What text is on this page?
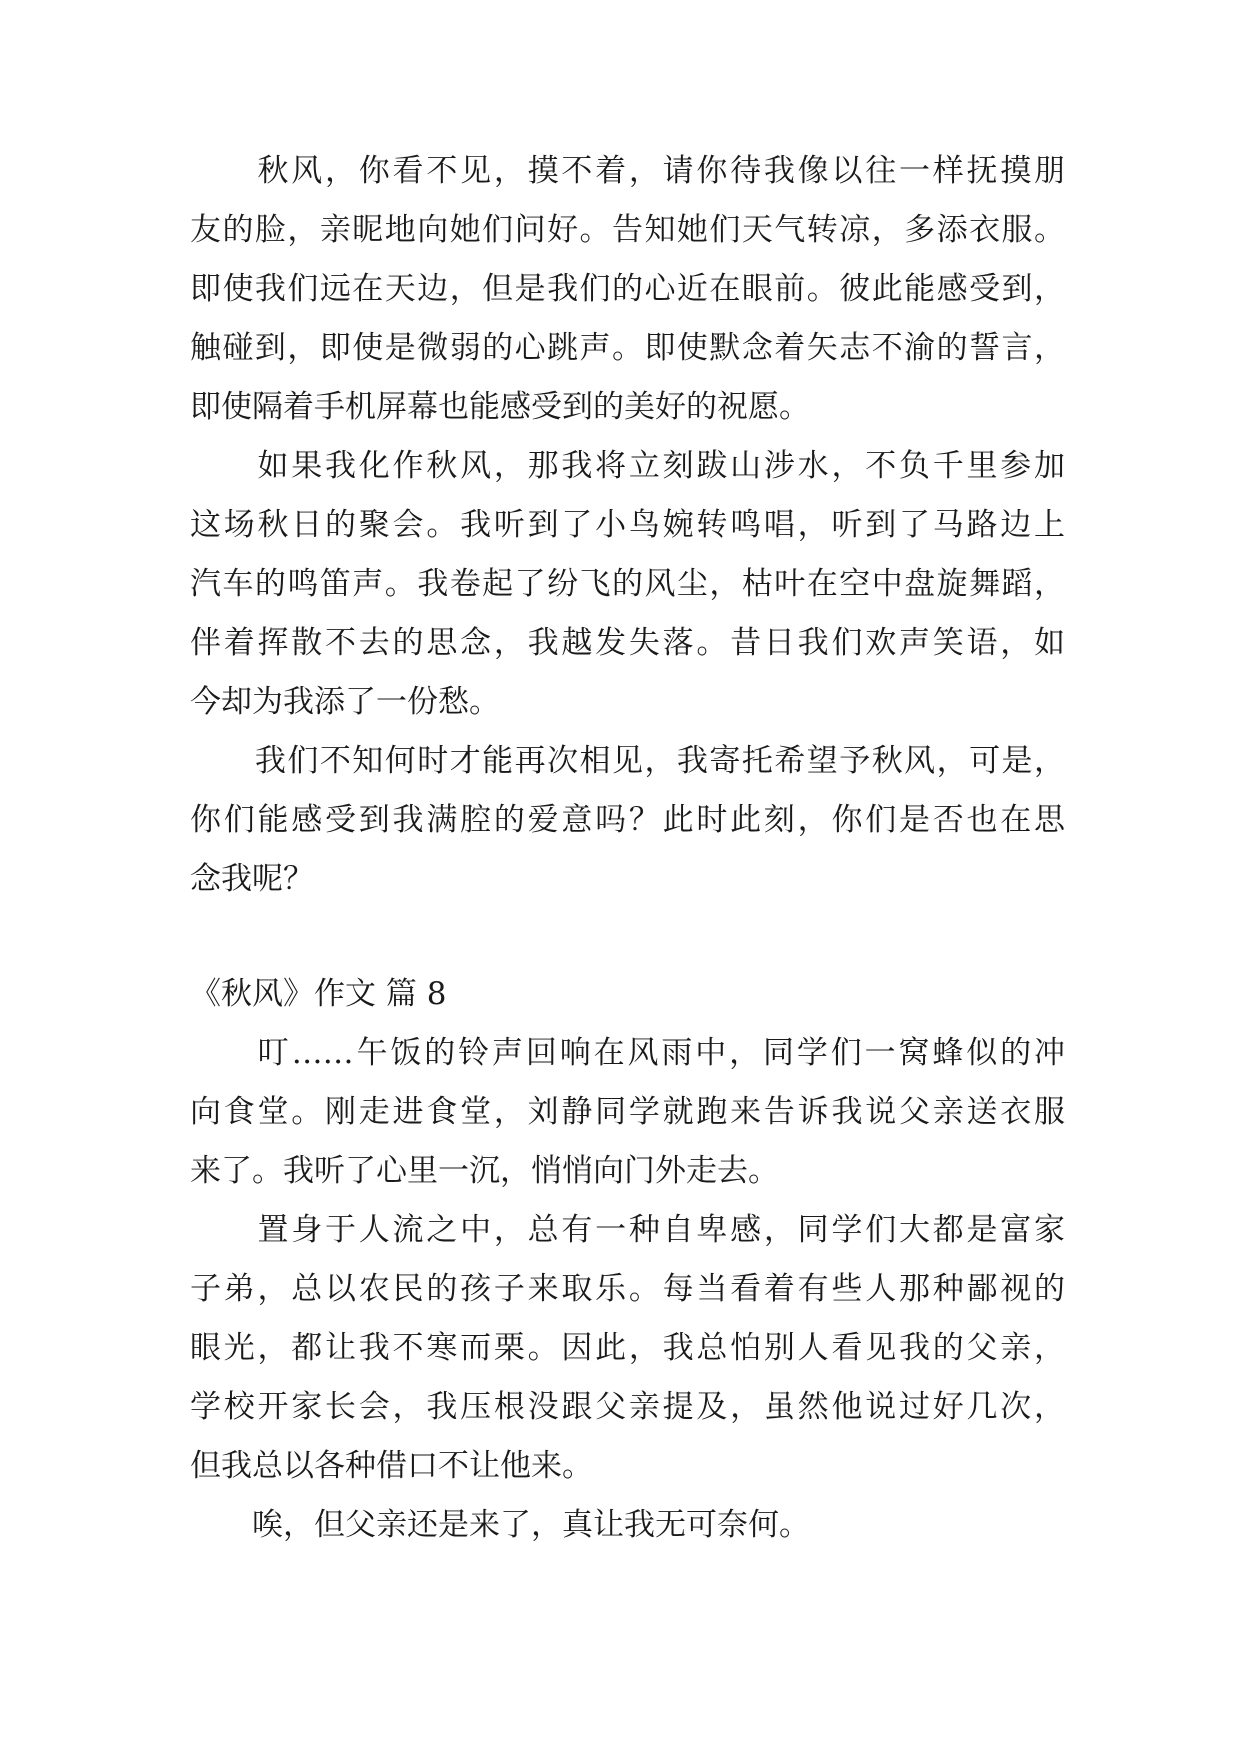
　　秋风，你看不见，摸不着，请你待我像以往一样抚摸朋
友的脸，亲昵地向她们问好。告知她们天气转凉，多添衣服。
即使我们远在天边，但是我们的心近在眼前。彼此能感受到，
触碰到，即使是微弱的心跳声。即使默念着矢志不渝的誓言，
即使隔着手机屏幕也能感受到的美好的祝愿。
　　如果我化作秋风，那我将立刻跋山涉水，不负千里参加
这场秋日的聚会。我听到了小鸟婉转鸣唱，听到了马路边上
汽车的鸣笛声。我卷起了纷飞的风尘，枯叶在空中盘旋舞蹈，
伴着挥散不去的思念，我越发失落。昔日我们欢声笑语，如
今却为我添了一份愁。
　　我们不知何时才能再次相见，我寄托希望予秋风，可是，
你们能感受到我满腔的爱意吗？此时此刻，你们是否也在思
念我呢？
《秋风》作文 篇 8
　　叮……午饭的铃声回响在风雨中，同学们一窝蜂似的冲
向食堂。刚走进食堂，刘静同学就跑来告诉我说父亲送衣服
来了。我听了心里一沉，悄悄向门外走去。
　　置身于人流之中，总有一种自卑感，同学们大都是富家
子弟，总以农民的孩子来取乐。每当看着有些人那种鄙视的
眼光，都让我不寒而栗。因此，我总怕别人看见我的父亲，
学校开家长会，我压根没跟父亲提及，虽然他说过好几次，
但我总以各种借口不让他来。
　　唉，但父亲还是来了，真让我无可奈何。
